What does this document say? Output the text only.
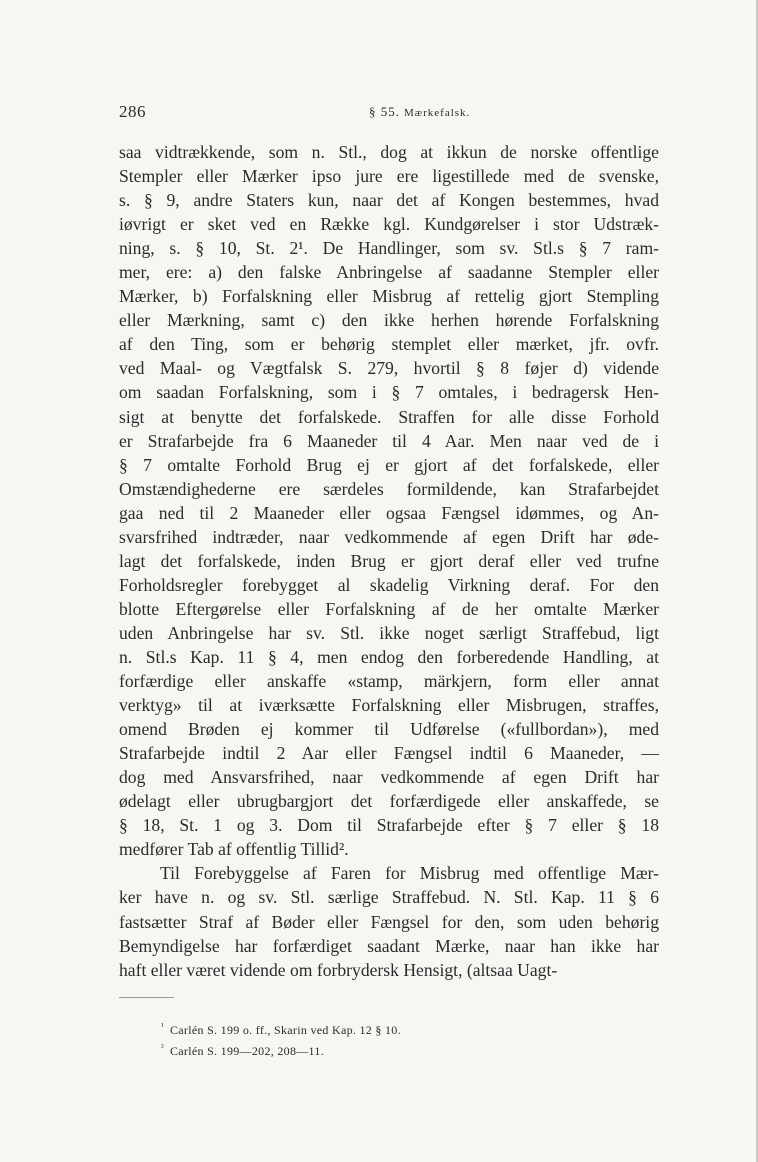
286	§ 55. Mærkefalsk.
saa vidtrækkende, som n. Stl., dog at ikkun de norske offentlige
Stempler eller Mærker ipso jure ere ligestillede med de svenske,
s. § 9, andre Staters kun, naar det af Kongen bestemmes, hvad
iøvrigt er sket ved en Række kgl. Kundgørelser i stor Udstræk-
ning, s. § 10, St. 2¹. De Handlinger, som sv. Stl.s § 7 ram-
mer, ere: a) den falske Anbringelse af saadanne Stempler eller
Mærker, b) Forfalskning eller Misbrug af rettelig gjort Stempling
eller Mærkning, samt c) den ikke herhen hørende Forfalskning
af den Ting, som er behørig stemplet eller mærket, jfr. ovfr.
ved Maal- og Vægtfalsk S. 279, hvortil § 8 føjer d) vidende
om saadan Forfalskning, som i § 7 omtales, i bedragersk Hen-
sigt at benytte det forfalskede. Straffen for alle disse Forhold
er Strafarbejde fra 6 Maaneder til 4 Aar. Men naar ved de i
§ 7 omtalte Forhold Brug ej er gjort af det forfalskede, eller
Omstændighederne ere særdeles formildende, kan Strafarbejdet
gaa ned til 2 Maaneder eller ogsaa Fængsel idømmes, og An-
svarsfrihed indtræder, naar vedkommende af egen Drift har øde-
lagt det forfalskede, inden Brug er gjort deraf eller ved trufne
Forholdsregler forebygget al skadelig Virkning deraf. For den
blotte Eftergørelse eller Forfalskning af de her omtalte Mærker
uden Anbringelse har sv. Stl. ikke noget særligt Straffebud, ligt
n. Stl.s Kap. 11 § 4, men endog den forberedende Handling, at
forfærdige eller anskaffe «stamp, märkjern, form eller annat
verktyg» til at iværksætte Forfalskning eller Misbrugen, straffes,
omend Brøden ej kommer til Udførelse («fullbordan»), med
Strafarbejde indtil 2 Aar eller Fængsel indtil 6 Maaneder, —
dog med Ansvarsfrihed, naar vedkommende af egen Drift har
ødelagt eller ubrugbargjort det forfærdigede eller anskaffede, se
§ 18, St. 1 og 3. Dom til Strafarbejde efter § 7 eller § 18
medfører Tab af offentlig Tillid².
Til Forebyggelse af Faren for Misbrug med offentlige Mær-
ker have n. og sv. Stl. særlige Straffebud. N. Stl. Kap. 11 § 6
fastsætter Straf af Bøder eller Fængsel for den, som uden behørig
Bemyndigelse har forfærdiget saadant Mærke, naar han ikke har
haft eller været vidende om forbrydersk Hensigt, (altsaa Uagt-
$^{^1}$ Carlén S. 199 o. ff., Skarin ved Kap. 12 § 10.
$^{^2}$ Carlén S. 199—202, 208—11.
